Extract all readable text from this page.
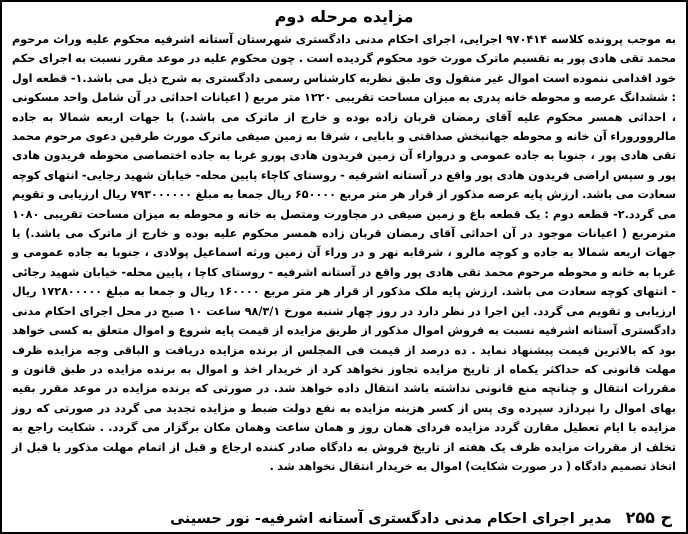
مزایده مرحله دوم

به موجب پرونده کلاسه ۹۷۰۴۱۴ اجرایی، اجرای احکام مدنی دادگستری شهرستان آستانه اشرفیه محکوم علیه وراث مرحوم محمد تقی هادی پور به تقسیم ماترک مورث خود محکوم گردیده است . چون محکوم علیه در موعد مقرر نسبت به اجرای حکم خود اقدامی ننموده است اموال غیر منقول وی طبق نظریه کارشناس رسمی دادگستری به شرح ذیل می باشد.۱- قطعه اول : ششدانگ عرصه و محوطه خانه پدری به میزان مساحت تقریبی ۱۲۲۰ متر مربع ( اعیانات احداثی در آن شامل واحد مسکونی ، احداثی همسر محکوم علیه آقای رمضان قربان زاده بوده و خارج از ماترک می باشد.) با جهات اربعه شمالا به جاده مالرووروراء آن خانه و محوطه جهانبخش صداقتی و بابایی ، شرقا به زمین صیفی ماترک مورث طرفین دعوی مرحوم محمد تقی هادی پور ، جنوبا به جاده عمومی و درواراء آن زمین فریدون هادی پورو غربا به جاده اختصاصی محوطه فریدون هادی پور و سپس اراضی فریدون هادی پور واقع در آستانه اشرفیه - روستای کاچاء پایین محله- خیابان شهید رجایی- انتهای کوچه سعادت می باشد. ارزش پایه عرصه مذکور از قرار هر متر مربع ۶۵۰۰۰۰ ریال جمعا به مبلغ ۷۹۳۰۰۰۰۰۰ ریال ارزیابی و تقویم می گردد.۲- قطعه دوم : یک قطعه باغ و زمین صیفی در مجاورت ومتصل به خانه و محوطه به میزان مساحت تقریبی ۱۰۸۰ مترمربع ( اعیانات موجود در آن احداثی آقای رمضان قربان زاده همسر محکوم علیه بوده و خارج از ماترک می باشد.) با جهات اربعه شمالا به جاده و کوچه مالرو ، شرقابه نهر و در وراء آن زمین ورثه اسماعیل پولادی ، جنوبا به جاده عمومی و غربا به خانه و محوطه مرحوم محمد تقی هادی پور واقع در آستانه اشرفیه - روستای کاچا ، پایین محله- خیابان شهید رجائی - انتهای کوچه سعادت می باشد. ارزش پایه ملک مذکور از قرار هر متر مربع ۱۶۰۰۰۰ ریال و جمعا به مبلغ ۱۷۲۸۰۰۰۰۰ ریال ارزیابی و تقویم می گردد. این اجرا در نظر دارد در روز چهار شنبه مورخ ۹۸/۳/۱ ساعت ۱۰ صبح در محل اجرای احکام مدنی دادگستری آستانه اشرفیه نسبت به فروش اموال مذکور از طریق مزایده از قیمت پایه شروع و اموال متعلق به کسی خواهد بود که بالاترین قیمت پیشنهاد نماید . ده درصد از قیمت فی المجلس از برنده مزایده دریافت و الباقی وجه مزایده ظرف مهلت قانونی که حداکثر یکماه از تاریخ مزایده تجاوز نخواهد کرد از خریدار اخذ و اموال به برنده مزایده در طبق قانون و مقررات انتقال و چنانچه منع قانونی نداشته باشد انتقال داده خواهد شد. در صورتی که برنده مزایده در موعد مقرر بقیه بهای اموال را نپردازد سپرده وی پس از کسر هزینه مزایده به نفع دولت ضبط و مزایده تجدید می گردد در صورتی که روز مزایده با ایام تعطیل مقارن گردد مزایده فردای همان روز و همان ساعت وهمان مکان برگزار می گردد. . شکایت راجع به تخلف از مقررات مزایده ظرف یک هفته از تاریخ فروش به دادگاه صادر کننده ارجاع و قبل از اتمام مهلت مذکور یا قبل از اتخاذ تصمیم دادگاه ( در صورت شکایت) اموال به خریدار انتقال نخواهد شد .

ح ۲۵۵
مدیر اجرای احکام مدنی دادگستری آستانه اشرفیه- نور حسینی
